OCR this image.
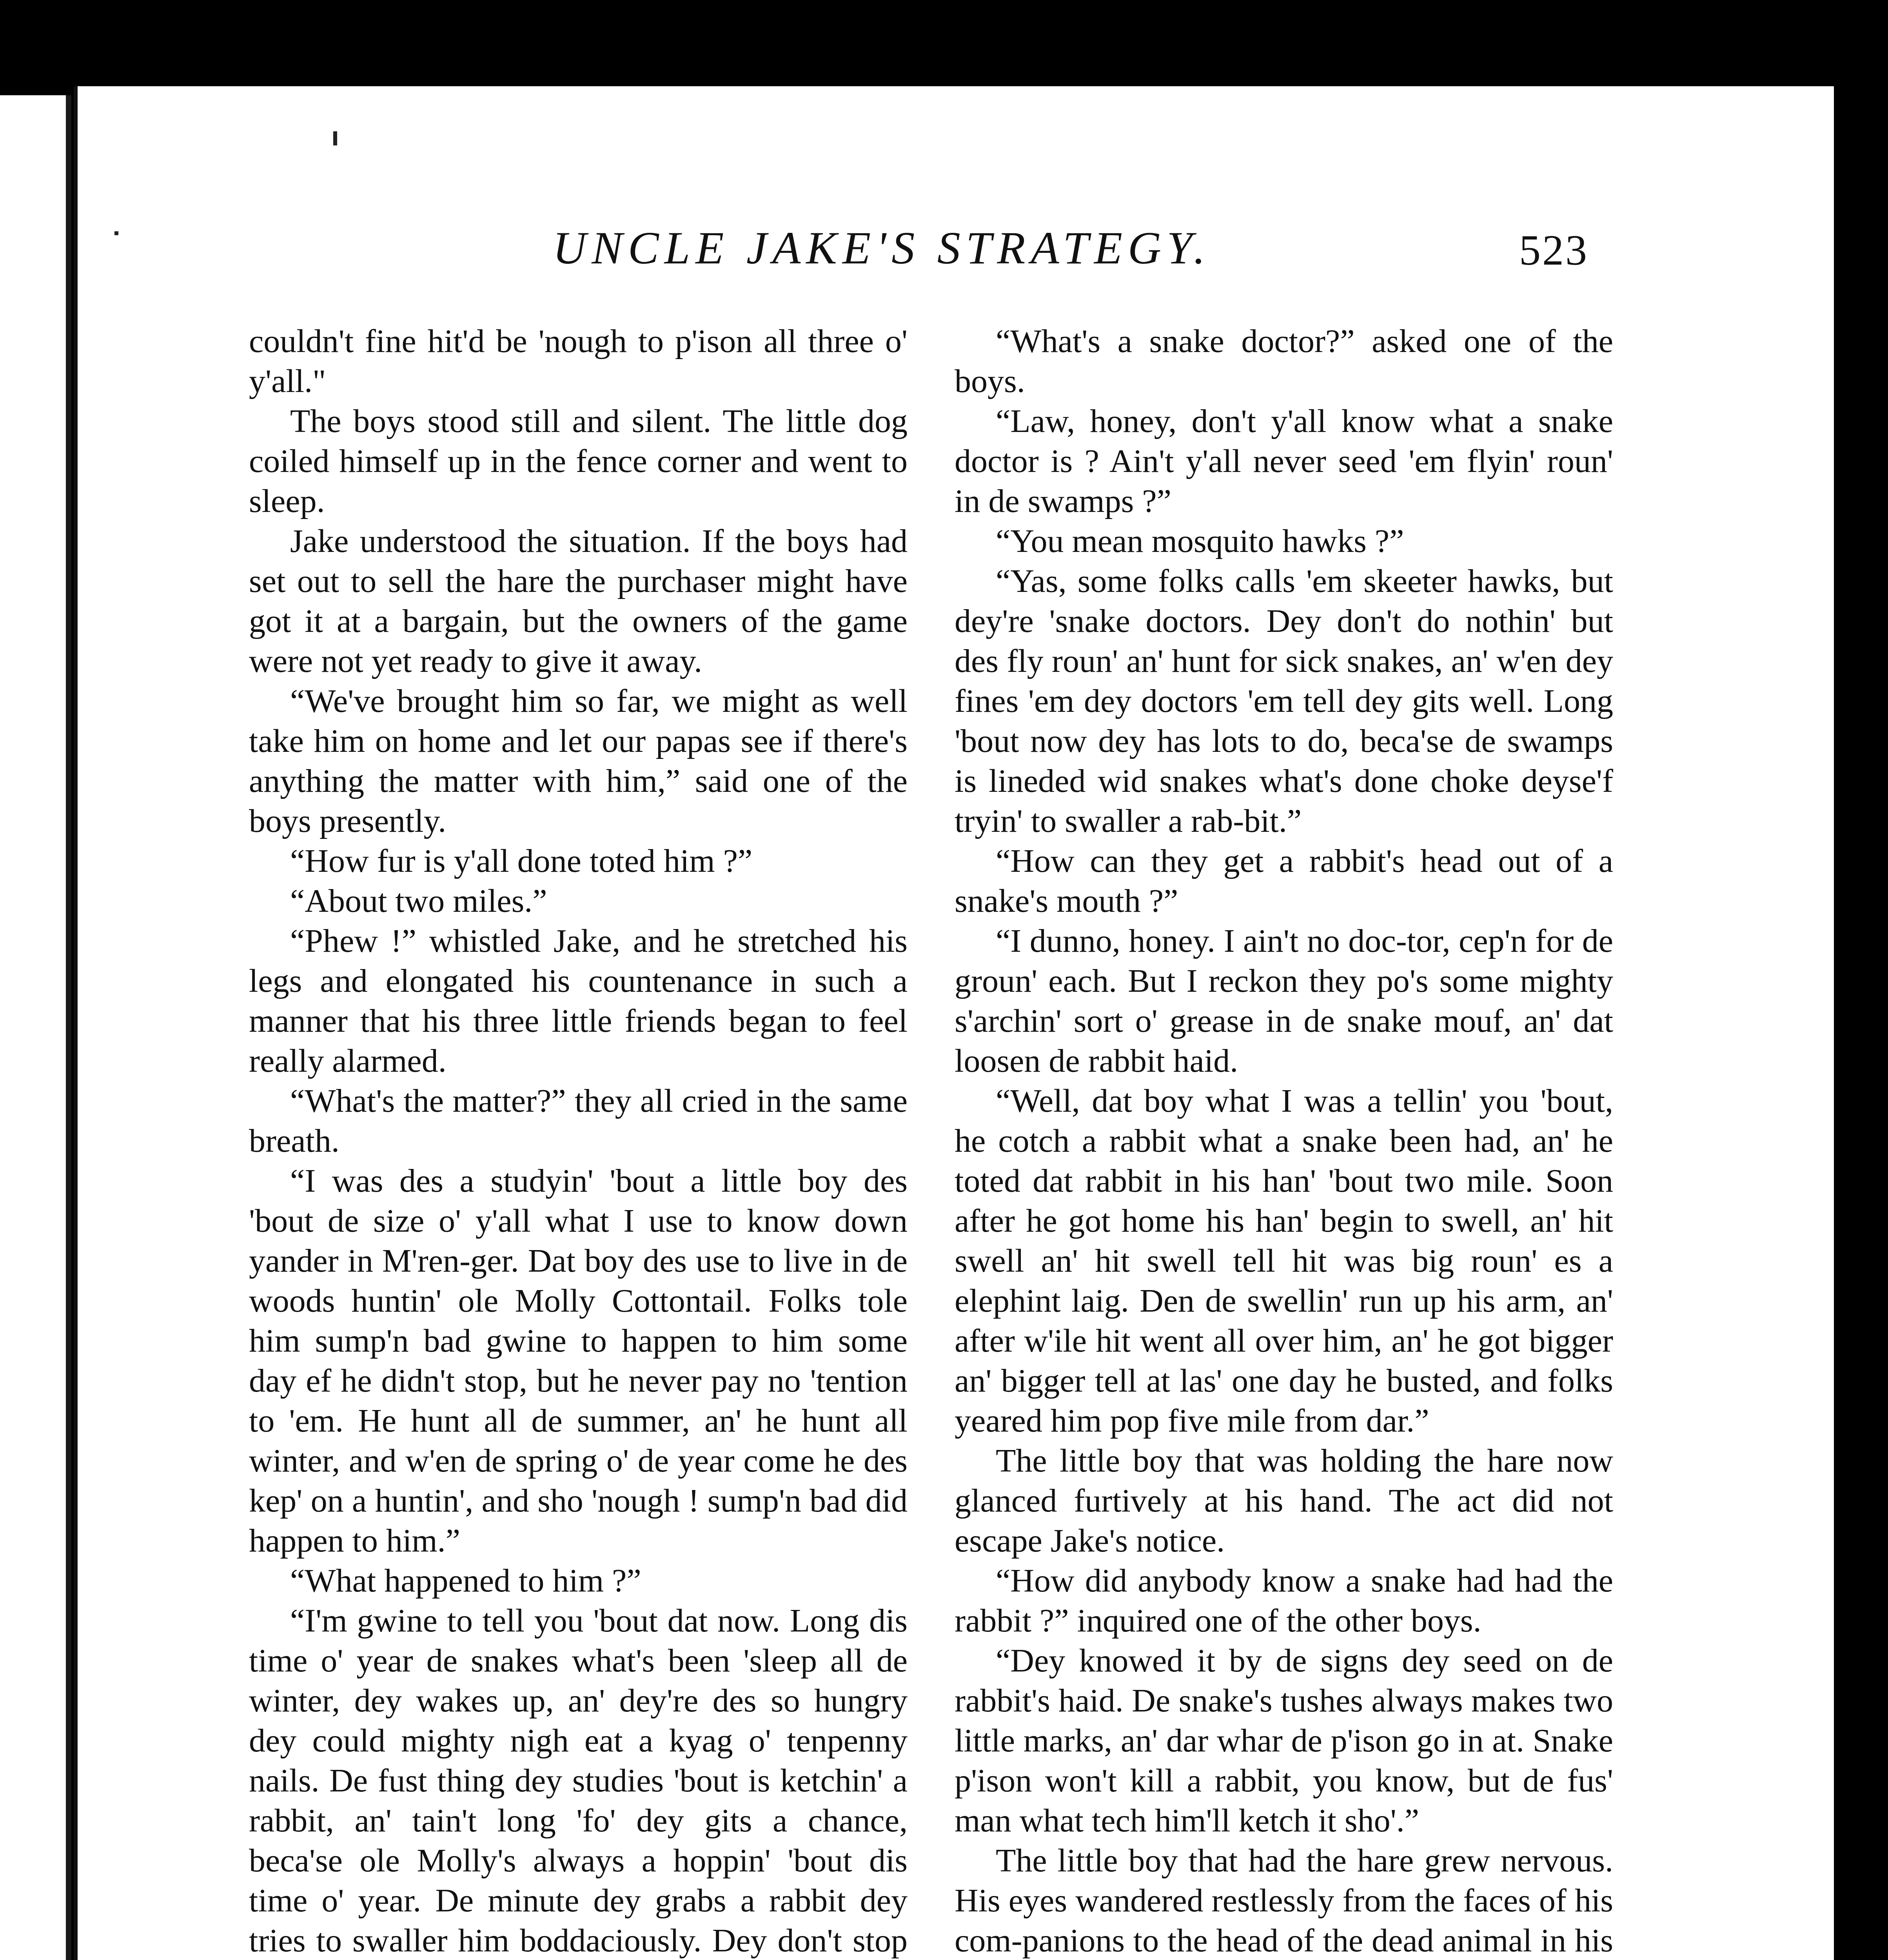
UNCLE JAKE'S STRATEGY.	523

couldn't fine hit'd be 'nough to p'ison all three o' y'all."

The boys stood still and silent. The little dog coiled himself up in the fence corner and went to sleep.

Jake understood the situation. If the boys had set out to sell the hare the purchaser might have got it at a bargain, but the owners of the game were not yet ready to give it away.

“We've brought him so far, we might as well take him on home and let our papas see if there's anything the matter with him,” said one of the boys presently.

“How fur is y'all done toted him ?”

“About two miles.”

“Phew !” whistled Jake, and he stretched his legs and elongated his countenance in such a manner that his three little friends began to feel really alarmed.

“What's the matter?” they all cried in the same breath.

“I was des a studyin' 'bout a little boy des 'bout de size o' y'all what I use to know down yander in M'ren-ger. Dat boy des use to live in de woods huntin' ole Molly Cottontail. Folks tole him sump'n bad gwine to happen to him some day ef he didn't stop, but he never pay no 'tention to 'em. He hunt all de summer, an' he hunt all winter, and w'en de spring o' de year come he des kep' on a huntin', and sho 'nough ! sump'n bad did happen to him.”

“What happened to him ?”

“I'm gwine to tell you 'bout dat now. Long dis time o' year de snakes what's been 'sleep all de winter, dey wakes up, an' dey're des so hungry dey could mighty nigh eat a kyag o' tenpenny nails. De fust thing dey studies 'bout is ketchin' a rabbit, an' tain't long 'fo' dey gits a chance, beca'se ole Molly's always a hoppin' 'bout dis time o' year. De minute dey grabs a rabbit dey tries to swaller him boddaciously. Dey don't stop

“What's a snake doctor?” asked one of the boys.

“Law, honey, don't y'all know what a snake doctor is ? Ain't y'all never seed 'em flyin' roun' in de swamps ?”

“You mean mosquito hawks ?”

“Yas, some folks calls 'em skeeter hawks, but dey're 'snake doctors. Dey don't do nothin' but des fly roun' an' hunt for sick snakes, an' w'en dey fines 'em dey doctors 'em tell dey gits well. Long 'bout now dey has lots to do, beca'se de swamps is lineded wid snakes what's done choke deyse'f tryin' to swaller a rab-bit.”

“How can they get a rabbit's head out of a snake's mouth ?”

“I dunno, honey. I ain't no doc-tor, cep'n for de groun' each. But I reckon they po's some mighty s'archin' sort o' grease in de snake mouf, an' dat loosen de rabbit haid.

“Well, dat boy what I was a tellin' you 'bout, he cotch a rabbit what a snake been had, an' he toted dat rabbit in his han' 'bout two mile. Soon after he got home his han' begin to swell, an' hit swell an' hit swell tell hit was big roun' es a elephint laig. Den de swellin' run up his arm, an' after w'ile hit went all over him, an' he got bigger an' bigger tell at las' one day he busted, and folks yeared him pop five mile from dar.”

The little boy that was holding the hare now glanced furtively at his hand. The act did not escape Jake's notice.

“How did anybody know a snake had had the rabbit ?” inquired one of the other boys.

“Dey knowed it by de signs dey seed on de rabbit's haid. De snake's tushes always makes two little marks, an' dar whar de p'ison go in at. Snake p'ison won't kill a rabbit, you know, but de fus' man what tech him'll ketch it sho'.”

The little boy that had the hare grew nervous. His eyes wandered restlessly from the faces of his com-panions to the head of the dead animal in his
